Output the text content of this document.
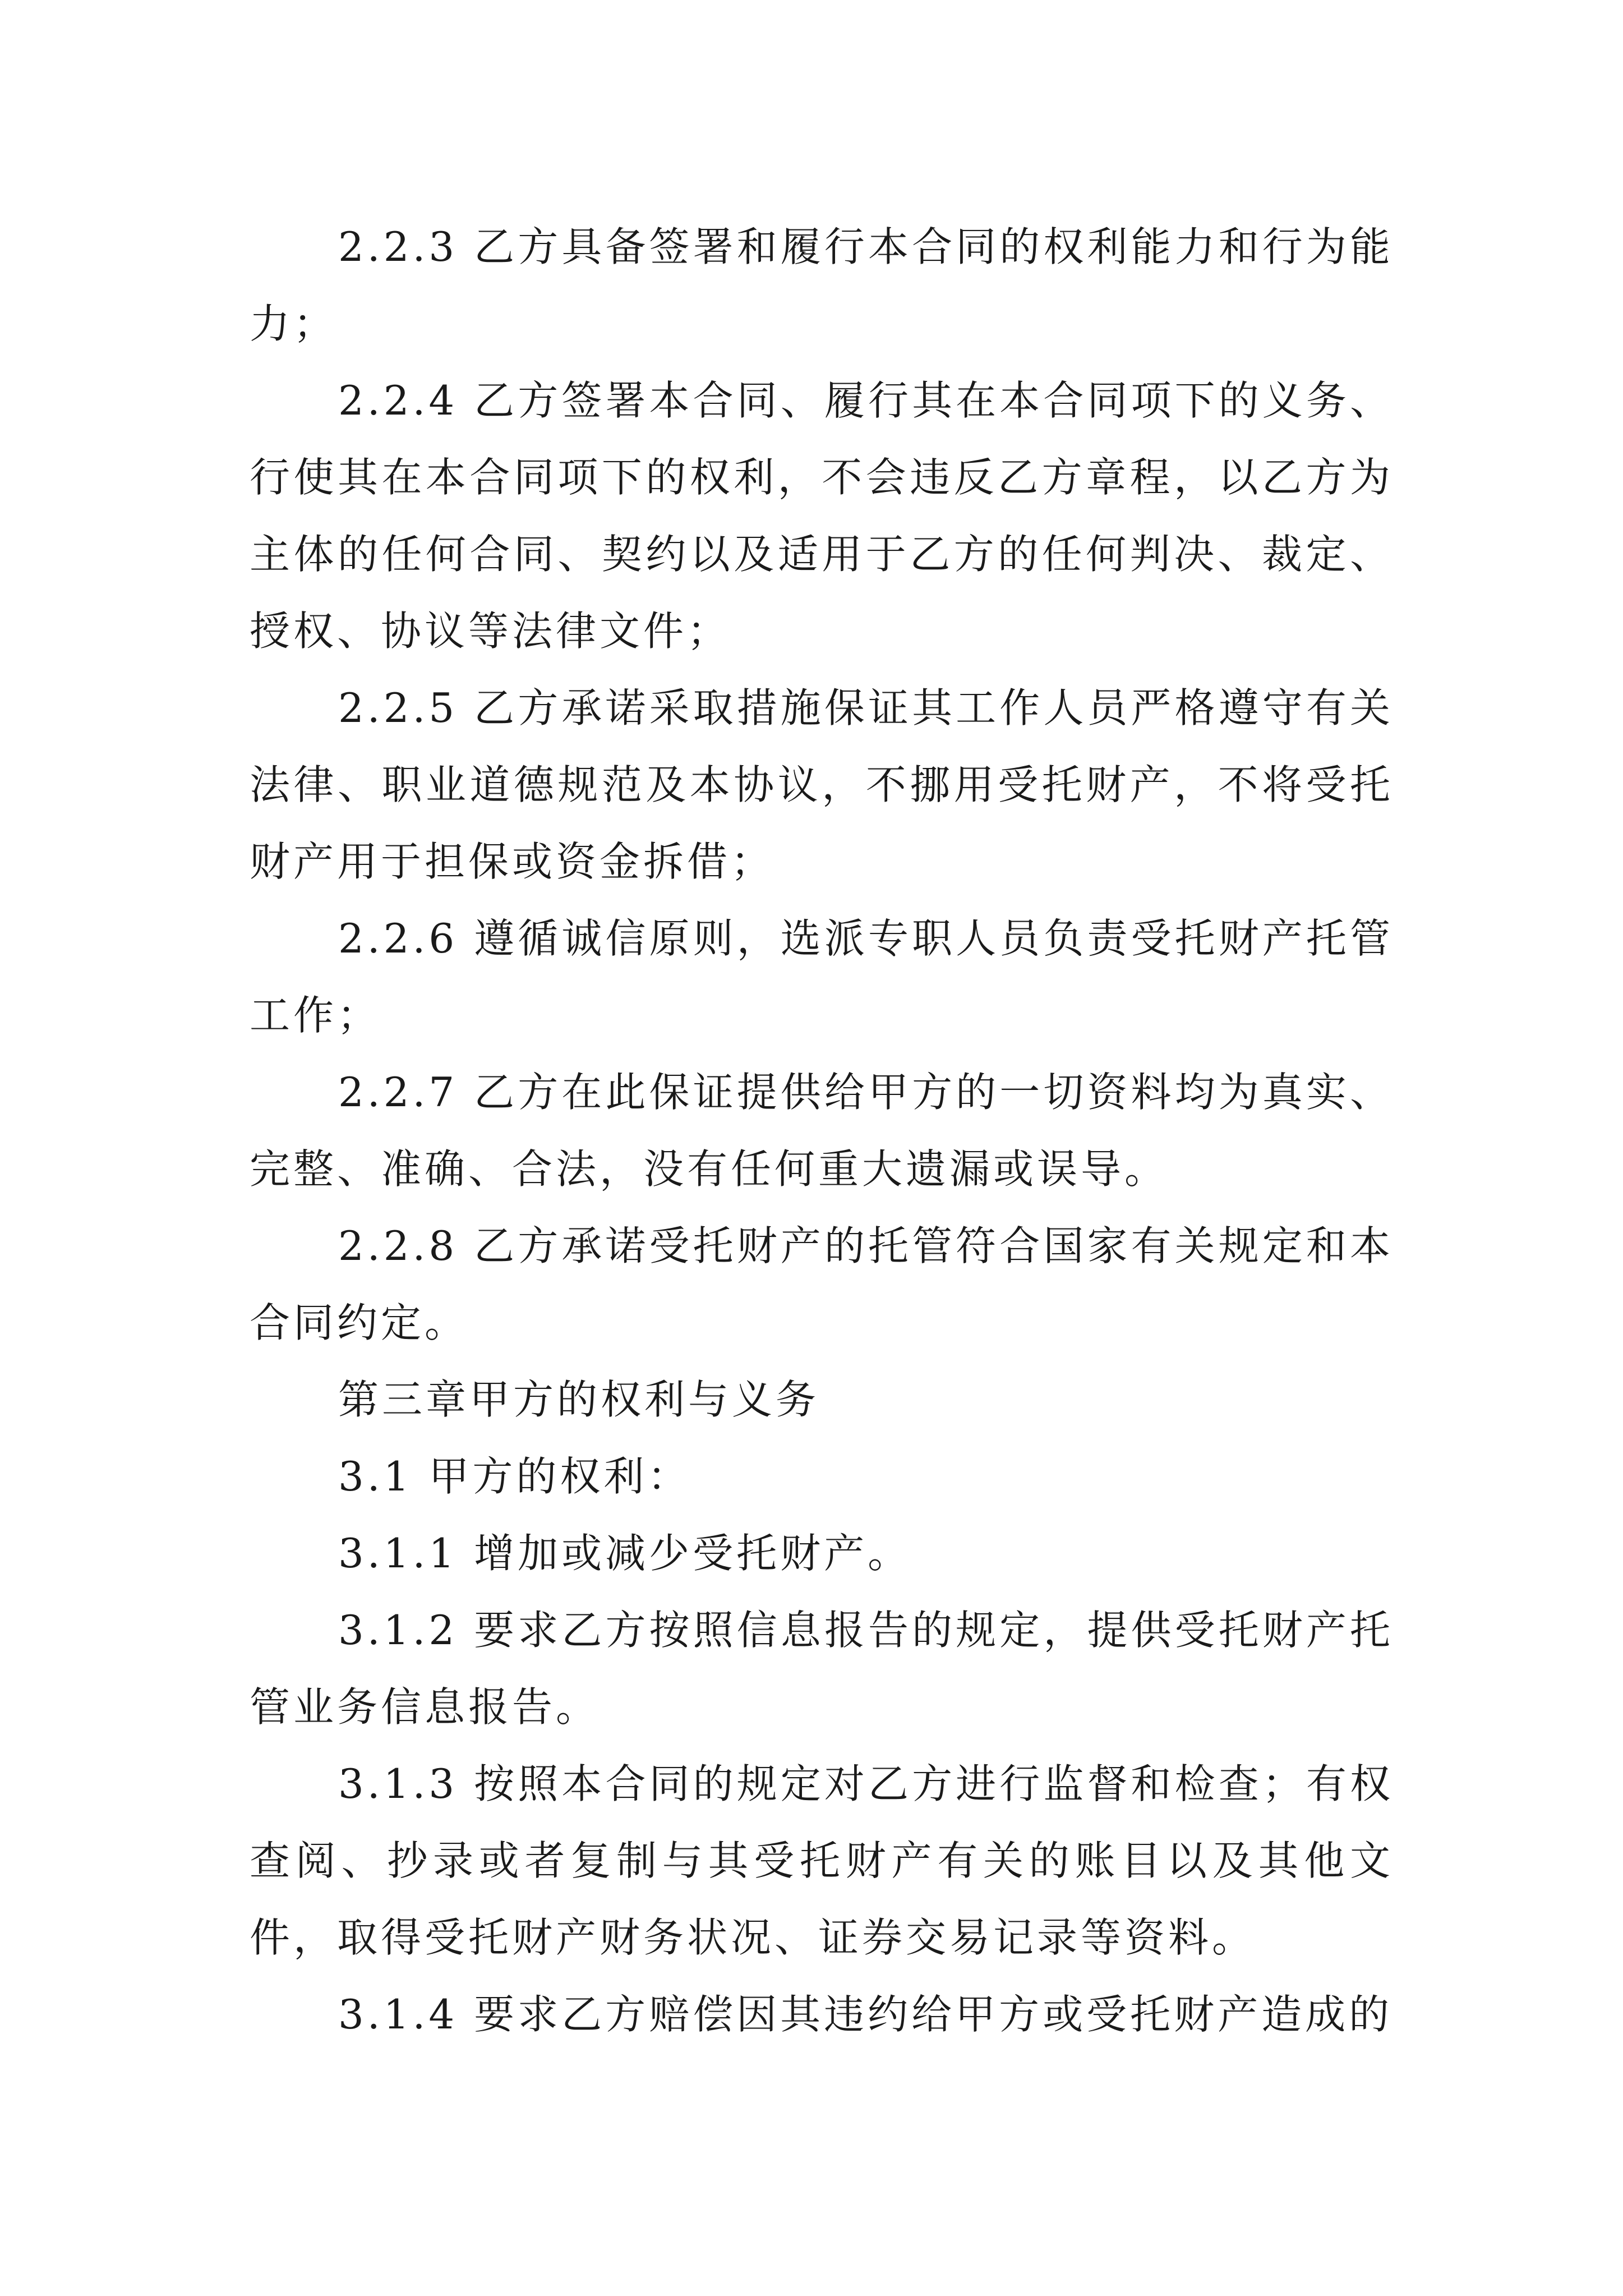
2.2.3 乙方具备签署和履行本合同的权利能力和行为能力；

2.2.4 乙方签署本合同、履行其在本合同项下的义务、行使其在本合同项下的权利，不会违反乙方章程，以乙方为主体的任何合同、契约以及适用于乙方的任何判决、裁定、授权、协议等法律文件；

2.2.5 乙方承诺采取措施保证其工作人员严格遵守有关法律、职业道德规范及本协议，不挪用受托财产，不将受托财产用于担保或资金拆借；

2.2.6 遵循诚信原则，选派专职人员负责受托财产托管工作；

2.2.7 乙方在此保证提供给甲方的一切资料均为真实、完整、准确、合法，没有任何重大遗漏或误导。

2.2.8 乙方承诺受托财产的托管符合国家有关规定和本合同约定。

第三章甲方的权利与义务

3.1 甲方的权利：

3.1.1 增加或减少受托财产。

3.1.2 要求乙方按照信息报告的规定，提供受托财产托管业务信息报告。

3.1.3 按照本合同的规定对乙方进行监督和检查；有权查阅、抄录或者复制与其受托财产有关的账目以及其他文件，取得受托财产财务状况、证券交易记录等资料。

3.1.4 要求乙方赔偿因其违约给甲方或受托财产造成的
